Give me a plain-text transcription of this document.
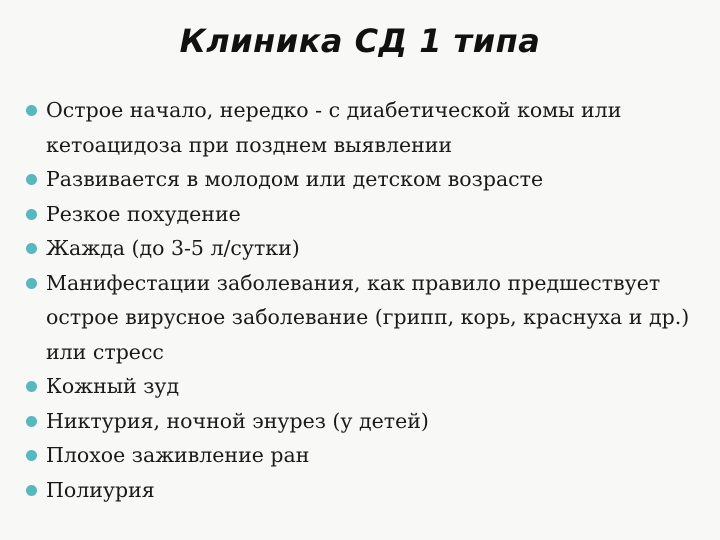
Клиника СД 1 типа
Острое начало, нередко - с диабетической комы или кетоацидоза при позднем выявлении
Развивается в молодом или детском возрасте
Резкое похудение
Жажда (до 3-5 л/сутки)
Манифестации заболевания, как правило предшествует острое вирусное заболевание (грипп, корь, краснуха и др.) или стресс
Кожный зуд
Никтурия, ночной энурез (у детей)
Плохое заживление ран
Полиурия
